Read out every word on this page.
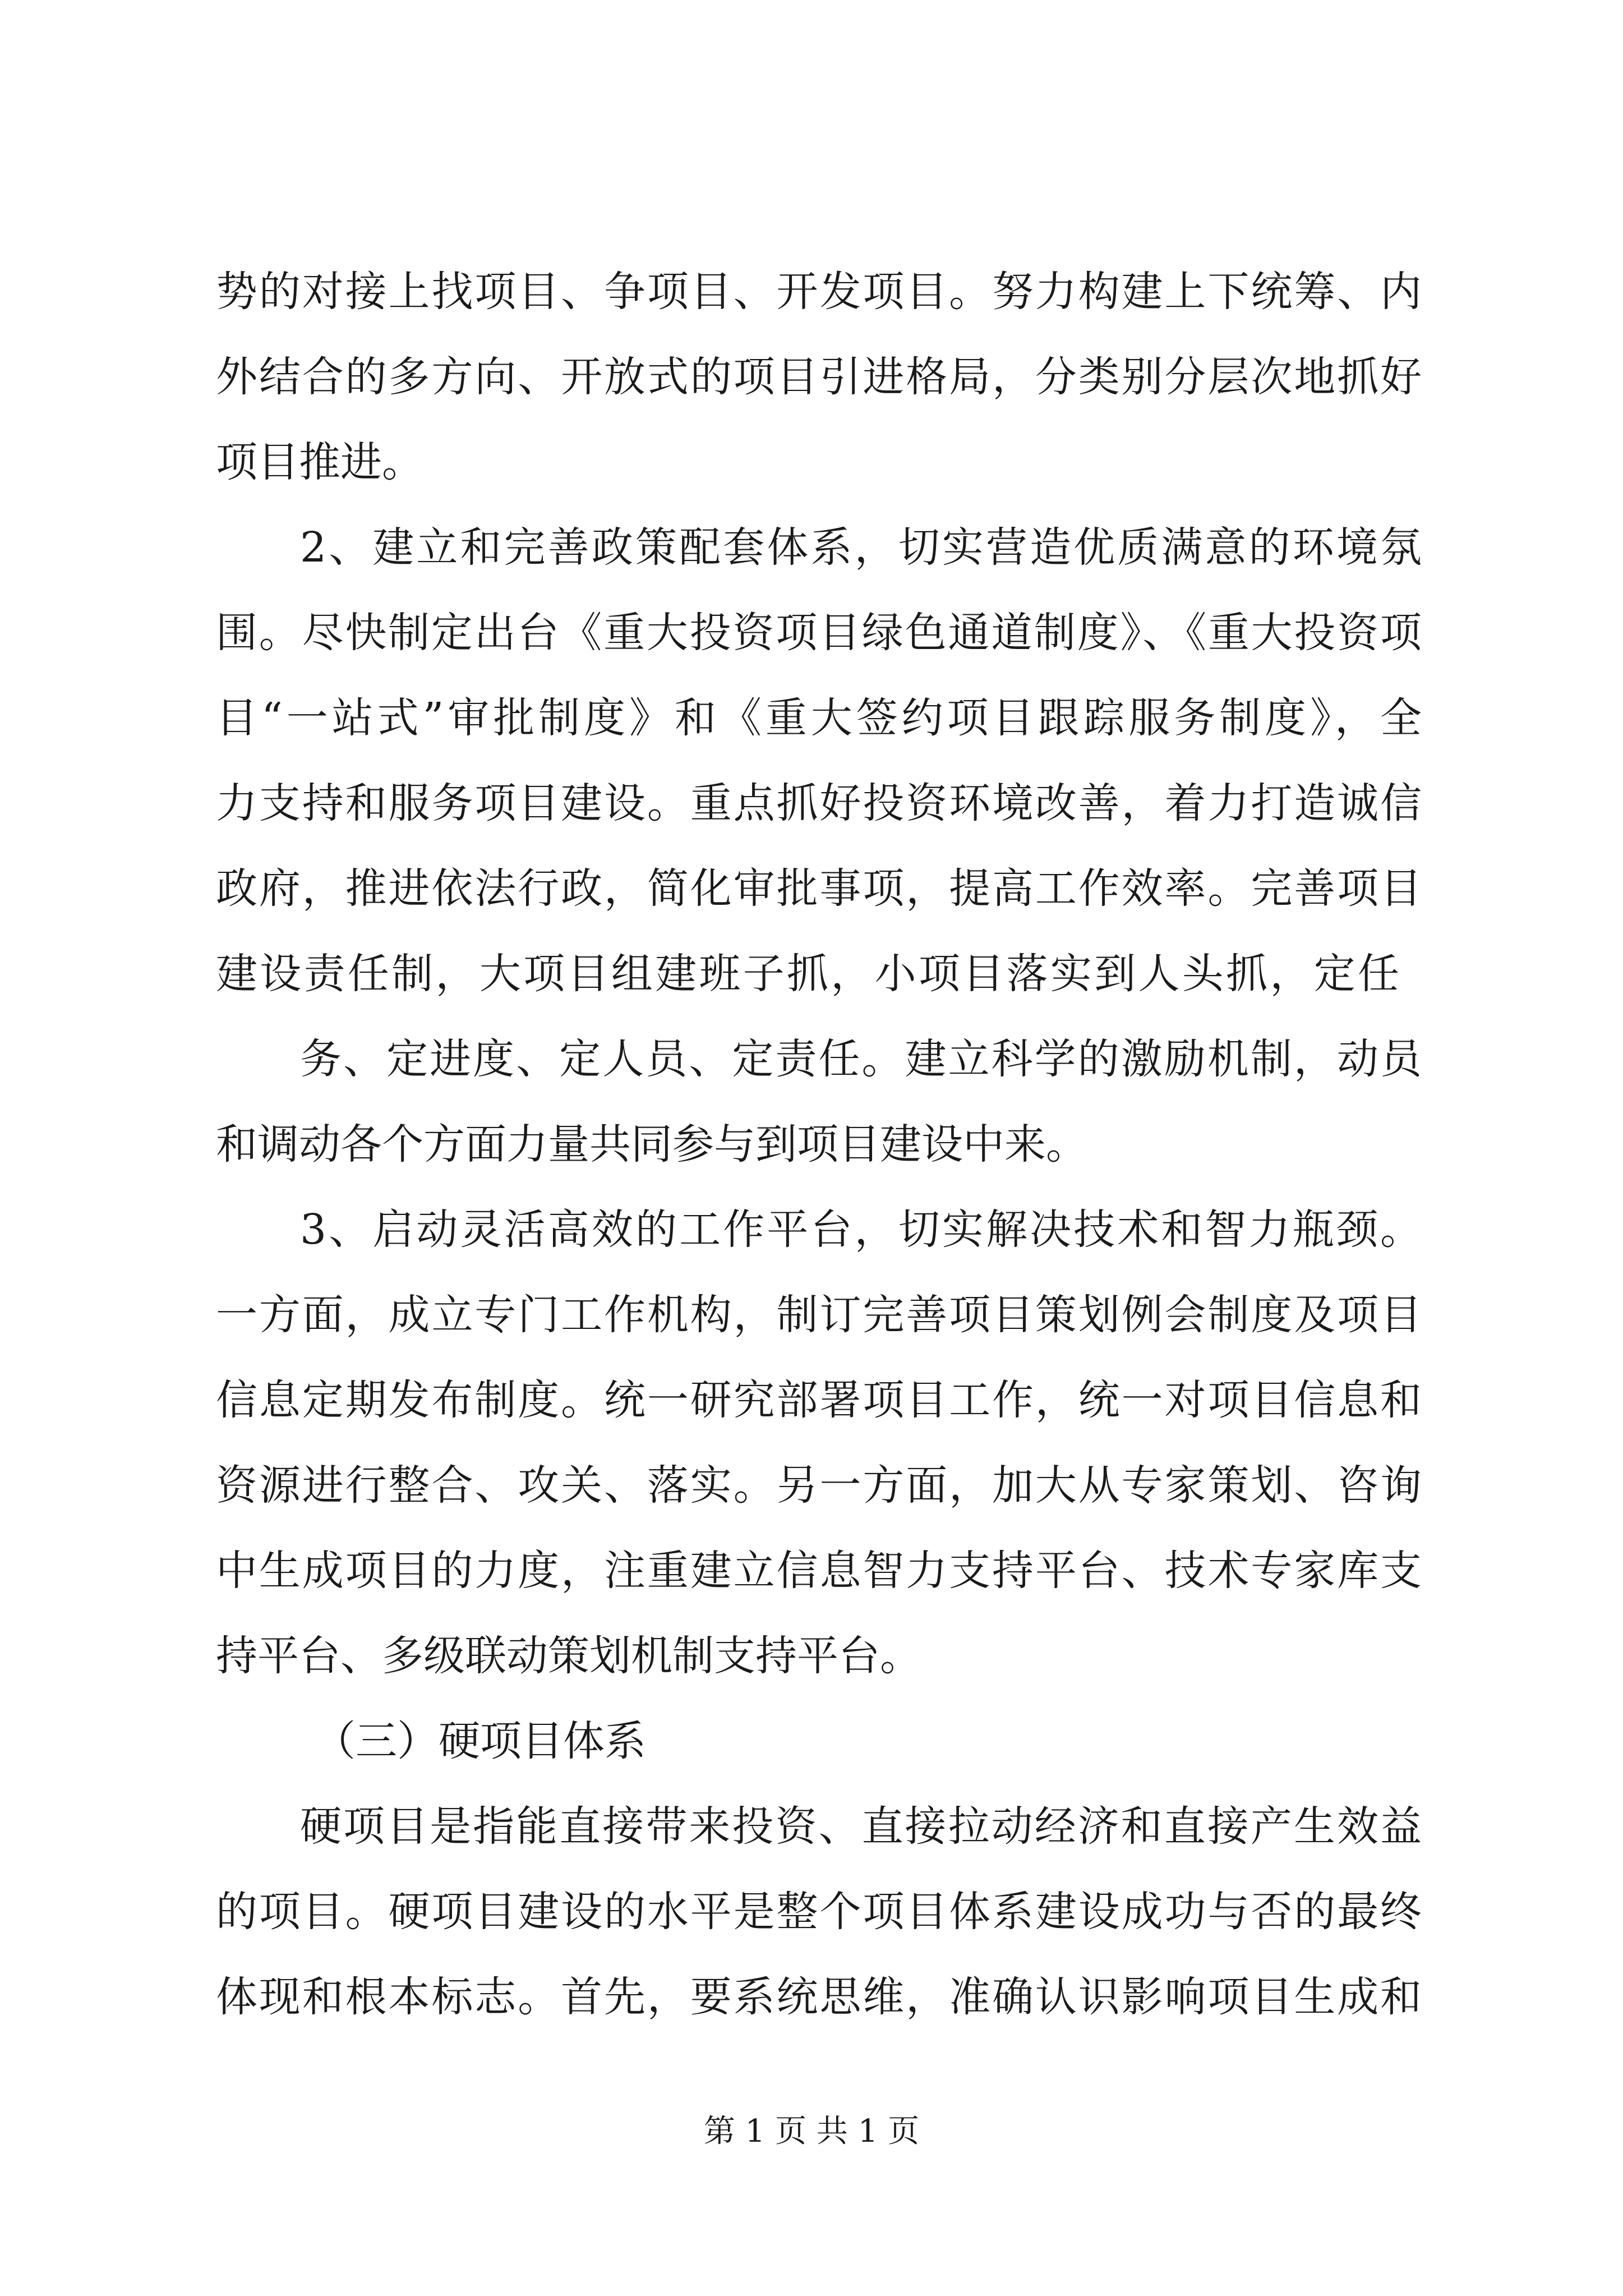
势的对接上找项目、争项目、开发项目。努力构建上下统筹、内
外结合的多方向、开放式的项目引进格局，分类别分层次地抓好
项目推进。
2、建立和完善政策配套体系，切实营造优质满意的环境氛
围。尽快制定出台《重大投资项目绿色通道制度》、《重大投资项
目“一站式”审批制度》和《重大签约项目跟踪服务制度》，全
力支持和服务项目建设。重点抓好投资环境改善，着力打造诚信
政府，推进依法行政，简化审批事项，提高工作效率。完善项目
建设责任制，大项目组建班子抓，小项目落实到人头抓，定任
务、定进度、定人员、定责任。建立科学的激励机制，动员
和调动各个方面力量共同参与到项目建设中来。
3、启动灵活高效的工作平台，切实解决技术和智力瓶颈。
一方面，成立专门工作机构，制订完善项目策划例会制度及项目
信息定期发布制度。统一研究部署项目工作，统一对项目信息和
资源进行整合、攻关、落实。另一方面，加大从专家策划、咨询
中生成项目的力度，注重建立信息智力支持平台、技术专家库支
持平台、多级联动策划机制支持平台。
（三）硬项目体系
硬项目是指能直接带来投资、直接拉动经济和直接产生效益
的项目。硬项目建设的水平是整个项目体系建设成功与否的最终
体现和根本标志。首先，要系统思维，准确认识影响项目生成和
第 1 页 共 1 页
